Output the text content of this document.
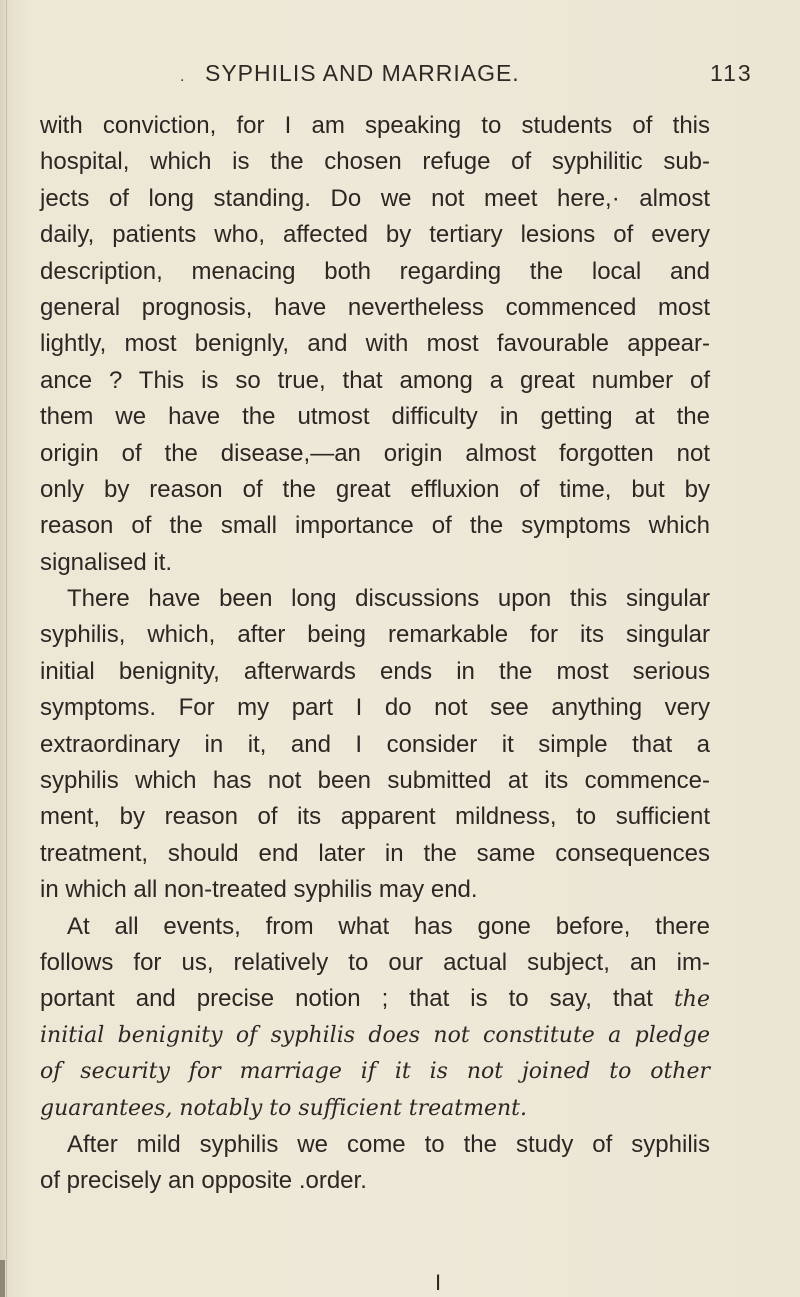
. SYPHILIS AND MARRIAGE.	113
with conviction, for I am speaking to students of this
hospital, which is the chosen refuge of syphilitic sub-
jects of long standing. Do we not meet here,· almost
daily, patients who, affected by tertiary lesions of every
description, menacing both regarding the local and
general prognosis, have nevertheless commenced most
lightly, most benignly, and with most favourable appear-
ance ? This is so true, that among a great number of
them we have the utmost difficulty in getting at the
origin of the disease,—an origin almost forgotten not
only by reason of the great effluxion of time, but by
reason of the small importance of the symptoms which
signalised it.
There have been long discussions upon this singular
syphilis, which, after being remarkable for its singular
initial benignity, afterwards ends in the most serious
symptoms. For my part I do not see anything very
extraordinary in it, and I consider it simple that a
syphilis which has not been submitted at its commence-
ment, by reason of its apparent mildness, to sufficient
treatment, should end later in the same consequences
in which all non-treated syphilis may end.
At all events, from what has gone before, there
follows for us, relatively to our actual subject, an im-
portant and precise notion ; that is to say, that the
initial benignity of syphilis does not constitute a pledge
of security for marriage if it is not joined to other
guarantees, notably to sufficient treatment.
After mild syphilis we come to the study of syphilis
of precisely an opposite .order.
I
